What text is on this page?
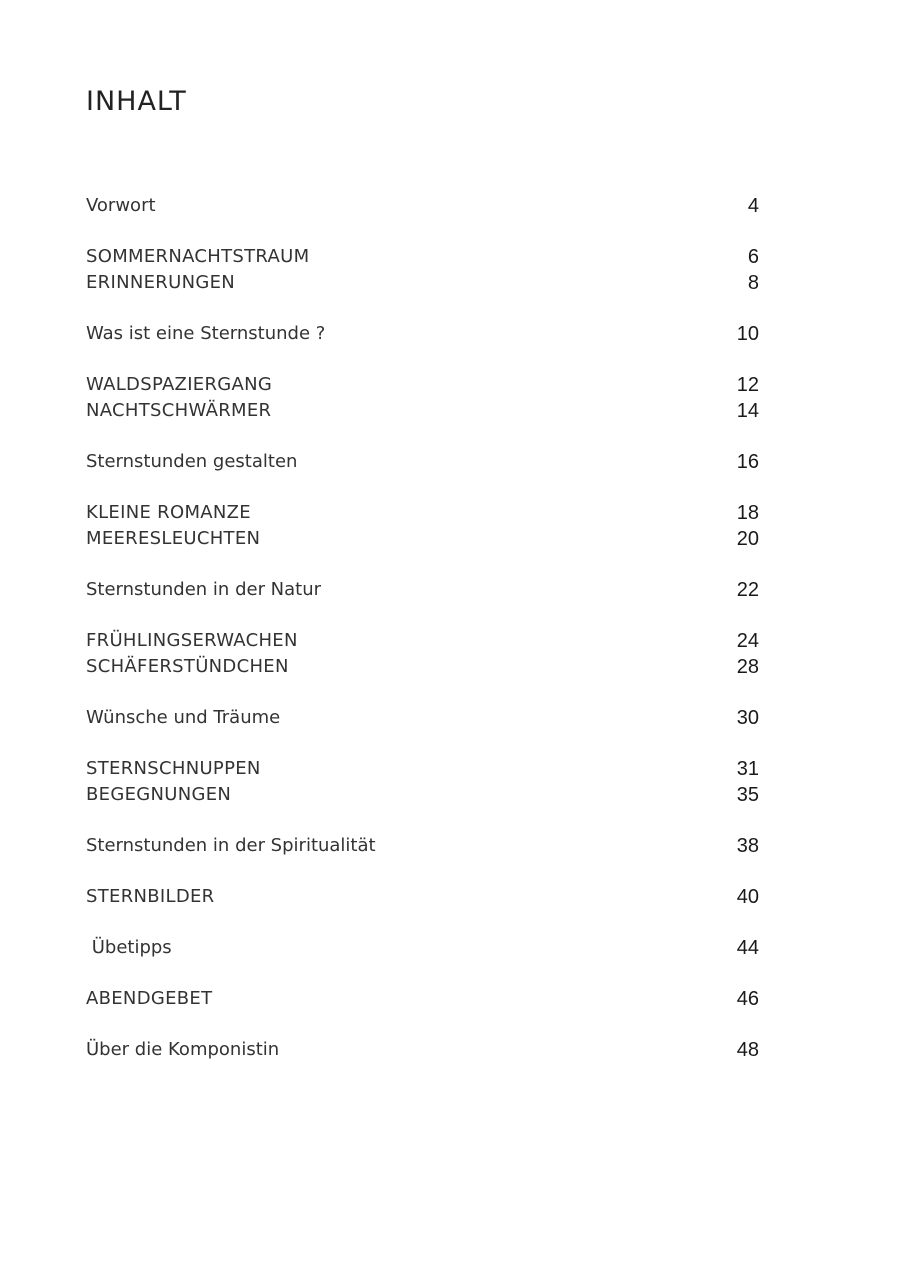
INHALT
Vorwort	4
SOMMERNACHTSTRAUM	6
ERINNERUNGEN	8
Was ist eine Sternstunde ?	10
WALDSPAZIERGANG	12
NACHTSCHWÄRMER	14
Sternstunden gestalten	16
KLEINE ROMANZE	18
MEERESLEUCHTEN	20
Sternstunden in der Natur	22
FRÜHLINGSERWACHEN	24
SCHÄFERSTÜNDCHEN	28
Wünsche und Träume	30
STERNSCHNUPPEN	31
BEGEGNUNGEN	35
Sternstunden in der Spiritualität	38
STERNBILDER	40
Übetipps	44
ABENDGEBET	46
Über die Komponistin	48
